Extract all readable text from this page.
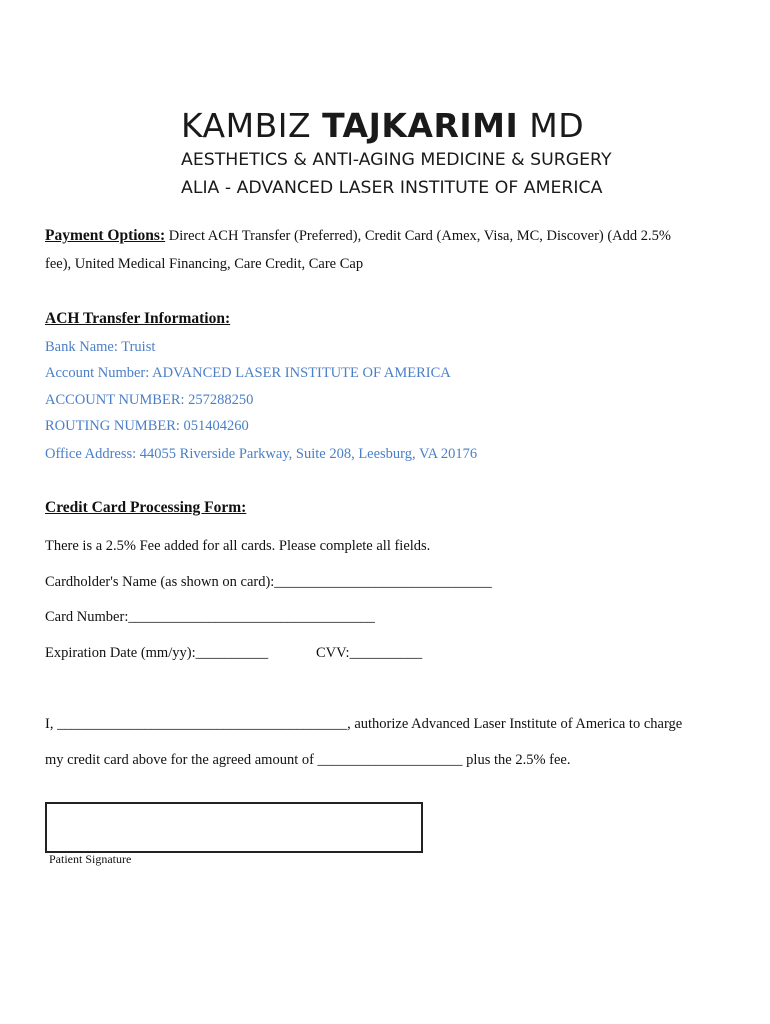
KAMBIZ TAJKARIMI MD
AESTHETICS & ANTI-AGING MEDICINE & SURGERY
ALIA - ADVANCED LASER INSTITUTE OF AMERICA
Payment Options: Direct ACH Transfer (Preferred), Credit Card (Amex, Visa, MC, Discover) (Add 2.5%
fee), United Medical Financing, Care Credit, Care Cap
ACH Transfer Information:
Bank Name: Truist
Account Number: ADVANCED LASER INSTITUTE OF AMERICA
ACCOUNT NUMBER: 257288250
ROUTING NUMBER: 051404260
Office Address: 44055 Riverside Parkway, Suite 208, Leesburg, VA 20176
Credit Card Processing Form:
There is a 2.5% Fee added for all cards. Please complete all fields.
Cardholder's Name (as shown on card):______________________________
Card Number:__________________________________
Expiration Date (mm/yy):__________	CVV:__________
I, ________________________________________, authorize Advanced Laser Institute of America to charge
my credit card above for the agreed amount of ____________________ plus the 2.5% fee.
Patient Signature
